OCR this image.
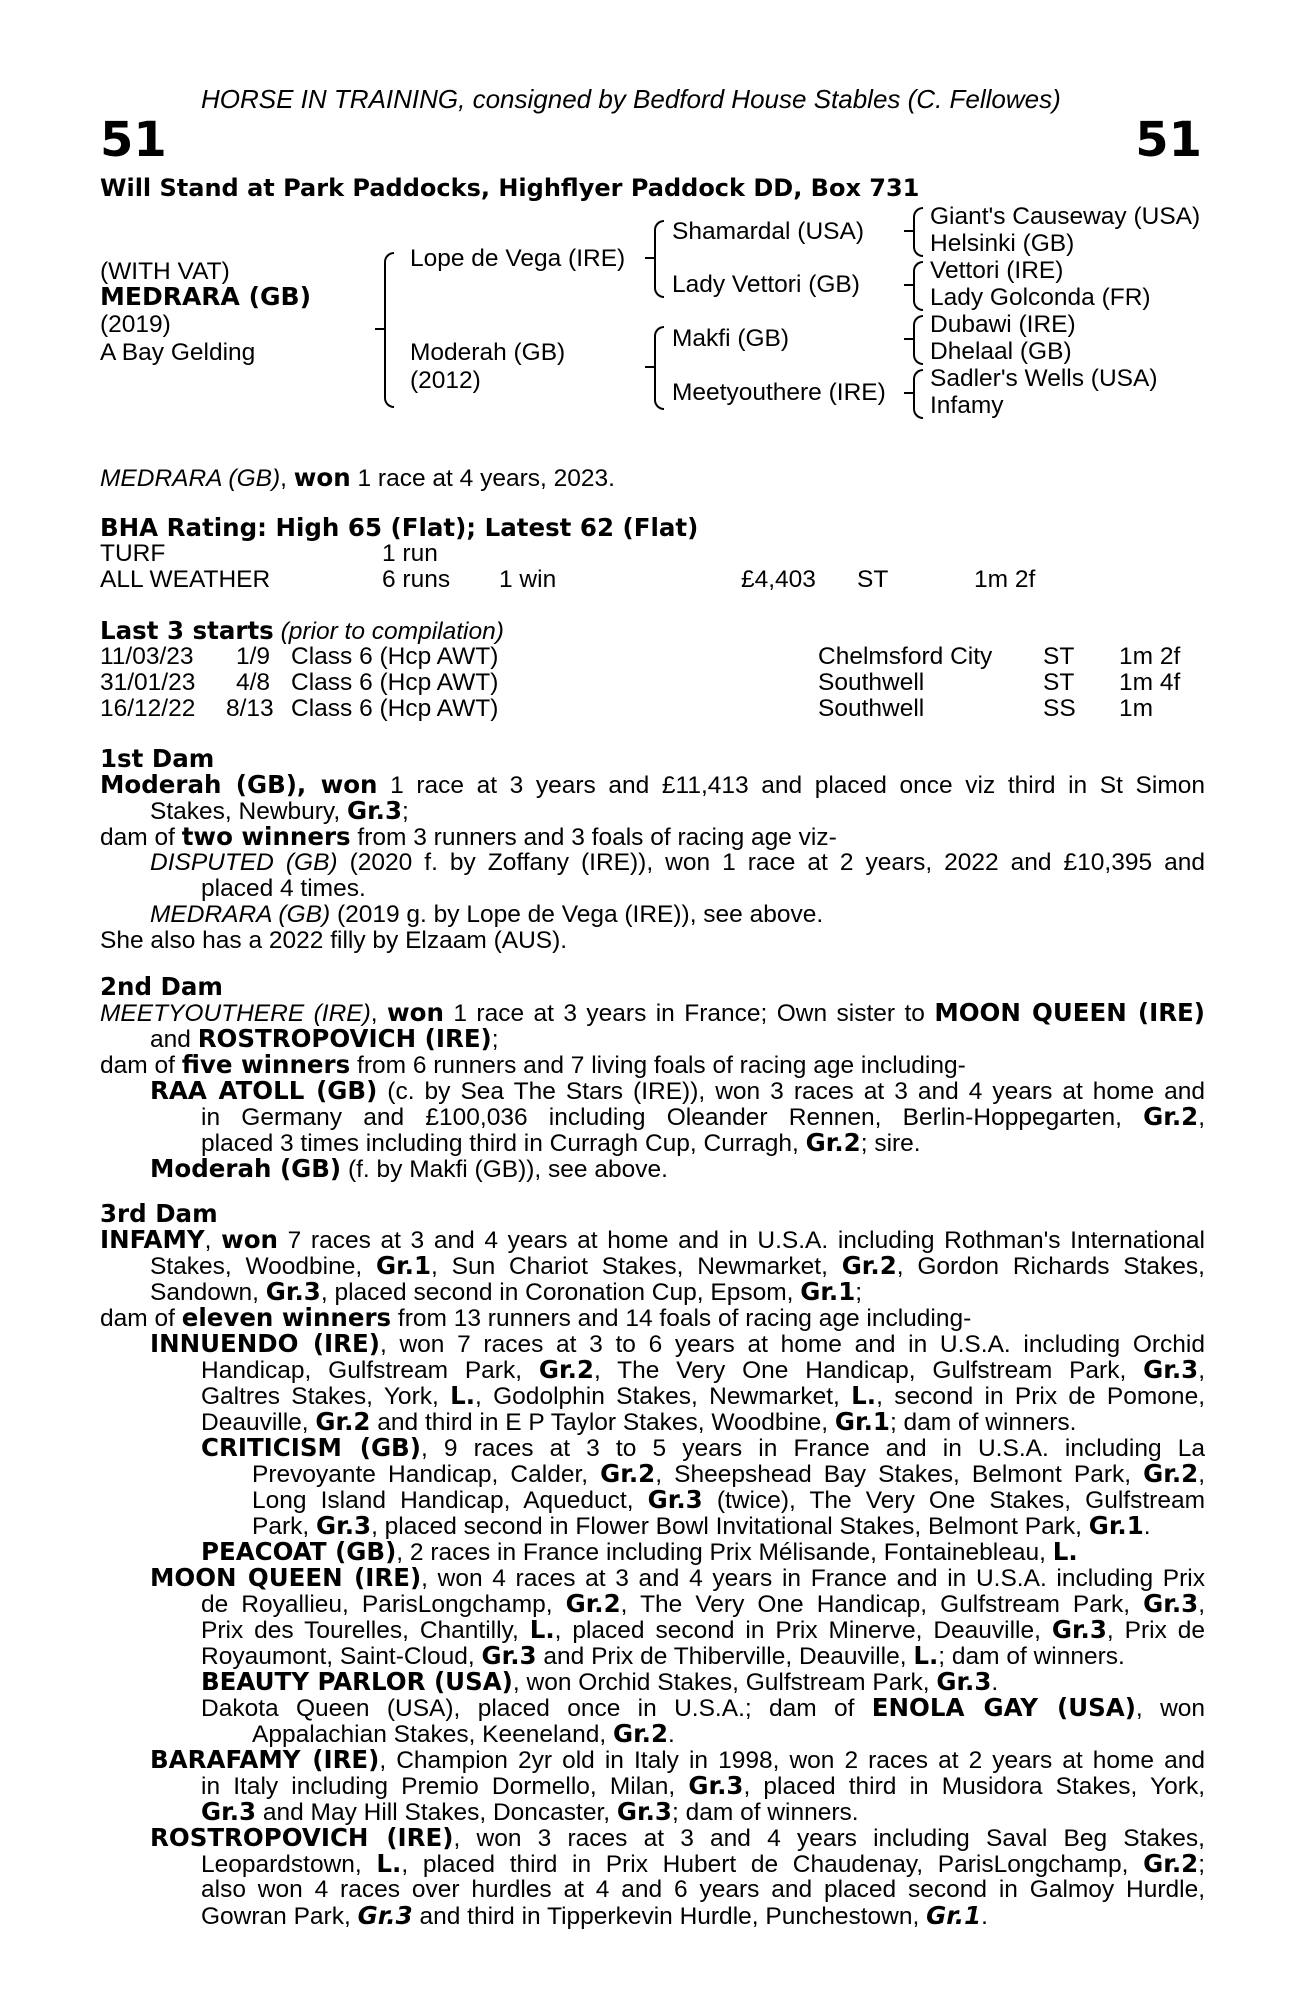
HORSE IN TRAINING, consigned by Bedford House Stables (C. Fellowes)
51	51
Will Stand at Park Paddocks, Highflyer Paddock DD, Box 731
(WITH VAT)
MEDRARA (GB)
(2019)
A Bay Gelding
Lope de Vega (IRE)
Moderah (GB)
(2012)
Shamardal (USA)
Lady Vettori (GB)
Makfi (GB)
Meetyouthere (IRE)
Giant's Causeway (USA)
Helsinki (GB)
Vettori (IRE)
Lady Golconda (FR)
Dubawi (IRE)
Dhelaal (GB)
Sadler's Wells (USA)
Infamy
MEDRARA (GB), won 1 race at 4 years, 2023.
BHA Rating: High 65 (Flat); Latest 62 (Flat)
TURF	1 run
ALL WEATHER	6 runs 1 win	£4,403 ST	1m 2f
Last 3 starts (prior to compilation)
11/03/23 1/9 Class 6 (Hcp AWT)	Chelmsford City ST 1m 2f
31/01/23 4/8 Class 6 (Hcp AWT)	Southwell	ST 1m 4f
16/12/22 8/13 Class 6 (Hcp AWT)	Southwell	SS 1m
1st Dam
Moderah (GB), won 1 race at 3 years and £11,413 and placed once viz third in St Simon
Stakes, Newbury, Gr.3;
dam of two winners from 3 runners and 3 foals of racing age viz-
DISPUTED (GB) (2020 f. by Zoffany (IRE)), won 1 race at 2 years, 2022 and £10,395 and
placed 4 times.
MEDRARA (GB) (2019 g. by Lope de Vega (IRE)), see above.
She also has a 2022 filly by Elzaam (AUS).
2nd Dam
MEETYOUTHERE (IRE), won 1 race at 3 years in France; Own sister to MOON QUEEN (IRE)
and ROSTROPOVICH (IRE);
dam of five winners from 6 runners and 7 living foals of racing age including-
RAA ATOLL (GB) (c. by Sea The Stars (IRE)), won 3 races at 3 and 4 years at home and
in Germany and £100,036 including Oleander Rennen, Berlin-Hoppegarten, Gr.2,
placed 3 times including third in Curragh Cup, Curragh, Gr.2; sire.
Moderah (GB) (f. by Makfi (GB)), see above.
3rd Dam
INFAMY, won 7 races at 3 and 4 years at home and in U.S.A. including Rothman's International
Stakes, Woodbine, Gr.1, Sun Chariot Stakes, Newmarket, Gr.2, Gordon Richards Stakes,
Sandown, Gr.3, placed second in Coronation Cup, Epsom, Gr.1;
dam of eleven winners from 13 runners and 14 foals of racing age including-
INNUENDO (IRE), won 7 races at 3 to 6 years at home and in U.S.A. including Orchid
Handicap, Gulfstream Park, Gr.2, The Very One Handicap, Gulfstream Park, Gr.3,
Galtres Stakes, York, L., Godolphin Stakes, Newmarket, L., second in Prix de Pomone,
Deauville, Gr.2 and third in E P Taylor Stakes, Woodbine, Gr.1; dam of winners.
CRITICISM (GB), 9 races at 3 to 5 years in France and in U.S.A. including La
Prevoyante Handicap, Calder, Gr.2, Sheepshead Bay Stakes, Belmont Park, Gr.2,
Long Island Handicap, Aqueduct, Gr.3 (twice), The Very One Stakes, Gulfstream
Park, Gr.3, placed second in Flower Bowl Invitational Stakes, Belmont Park, Gr.1.
PEACOAT (GB), 2 races in France including Prix Mélisande, Fontainebleau, L.
MOON QUEEN (IRE), won 4 races at 3 and 4 years in France and in U.S.A. including Prix
de Royallieu, ParisLongchamp, Gr.2, The Very One Handicap, Gulfstream Park, Gr.3,
Prix des Tourelles, Chantilly, L., placed second in Prix Minerve, Deauville, Gr.3, Prix de
Royaumont, Saint-Cloud, Gr.3 and Prix de Thiberville, Deauville, L.; dam of winners.
BEAUTY PARLOR (USA), won Orchid Stakes, Gulfstream Park, Gr.3.
Dakota Queen (USA), placed once in U.S.A.; dam of ENOLA GAY (USA), won
Appalachian Stakes, Keeneland, Gr.2.
BARAFAMY (IRE), Champion 2yr old in Italy in 1998, won 2 races at 2 years at home and
in Italy including Premio Dormello, Milan, Gr.3, placed third in Musidora Stakes, York,
Gr.3 and May Hill Stakes, Doncaster, Gr.3; dam of winners.
ROSTROPOVICH (IRE), won 3 races at 3 and 4 years including Saval Beg Stakes,
Leopardstown, L., placed third in Prix Hubert de Chaudenay, ParisLongchamp, Gr.2;
also won 4 races over hurdles at 4 and 6 years and placed second in Galmoy Hurdle,
Gowran Park, Gr.3 and third in Tipperkevin Hurdle, Punchestown, Gr.1.
